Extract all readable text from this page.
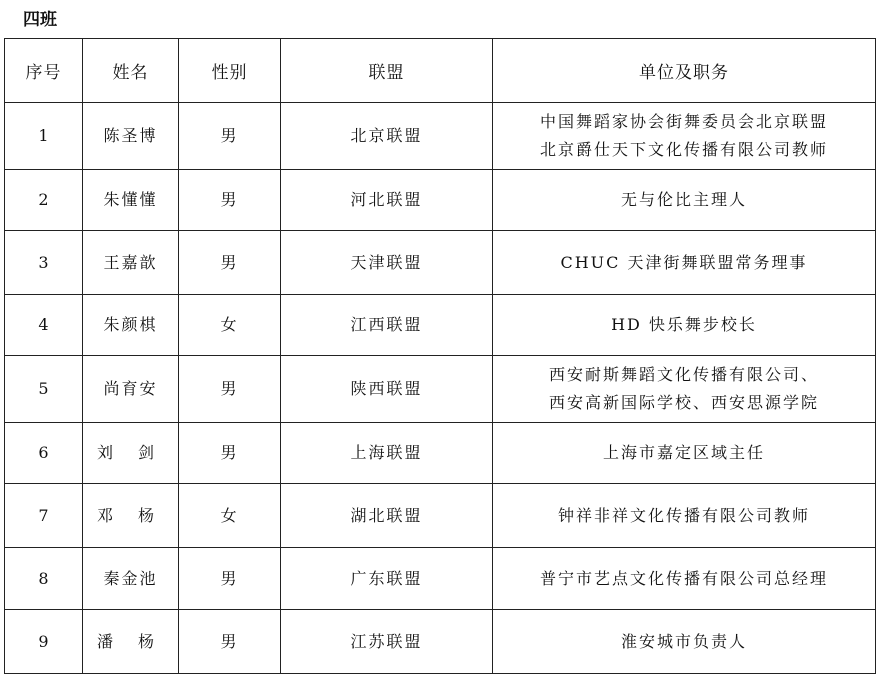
四班
序号	姓名	性别	联盟	单位及职务
1	陈圣博	男	北京联盟	中国舞蹈家协会街舞委员会北京联盟
北京爵仕天下文化传播有限公司教师

2	朱懂懂	男	河北联盟	无与伦比主理人

3	王嘉歆	男	天津联盟	CHUC 天津街舞联盟常务理事

4	朱颜棋	女	江西联盟	HD 快乐舞步校长

5	尚育安	男	陕西联盟	西安耐斯舞蹈文化传播有限公司、
西安高新国际学校、西安思源学院

6	刘 剑	男	上海联盟	上海市嘉定区域主任

7	邓 杨	女	湖北联盟	钟祥非祥文化传播有限公司教师

8	秦金池	男	广东联盟	普宁市艺点文化传播有限公司总经理

9	潘 杨	男	江苏联盟	淮安城市负责人
